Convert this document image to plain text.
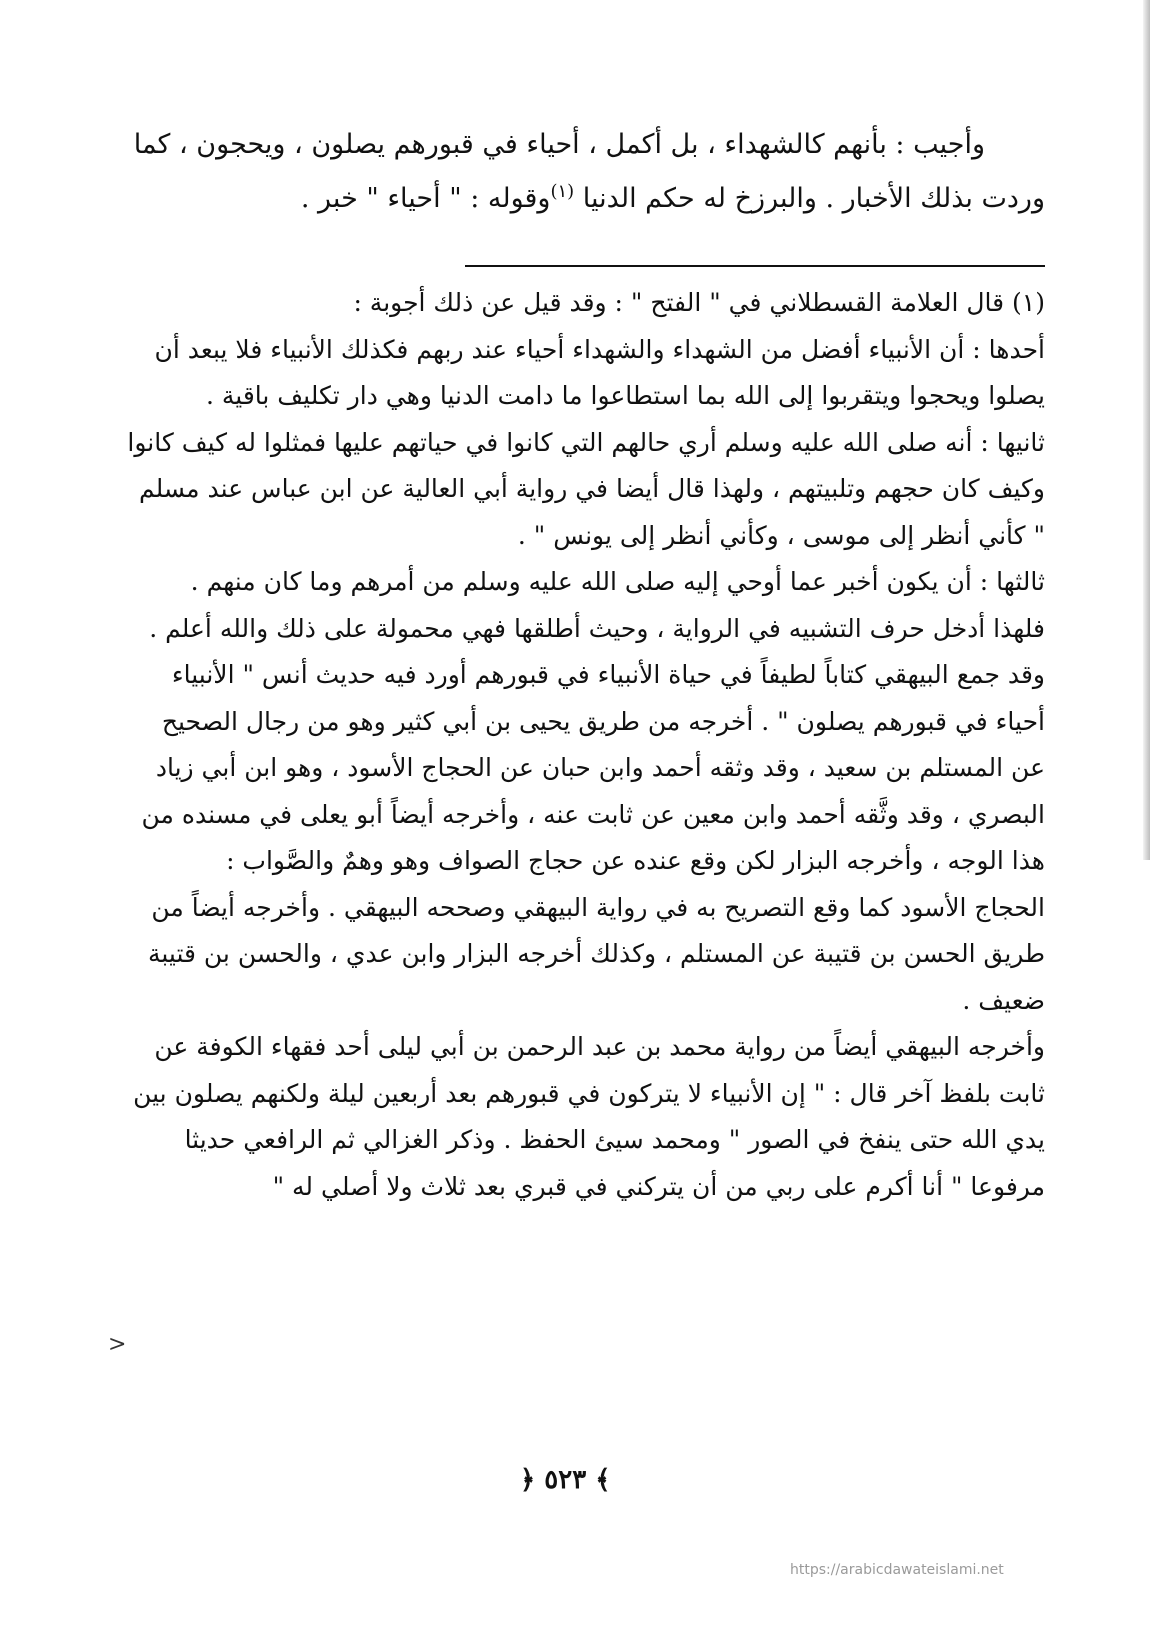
وأجيب : بأنهم كالشهداء ، بل أكمل ، أحياء في قبورهم يصلون ، ويحجون ، كما

وردت بذلك الأخبار . والبرزخ له حكم الدنيا $^{(١)}$وقوله : " أحياء " خبر .

(١) قال العلامة القسطلاني في " الفتح " : وقد قيل عن ذلك أجوبة :

أحدها : أن الأنبياء أفضل من الشهداء والشهداء أحياء عند ربهم فكذلك الأنبياء فلا يبعد أن

يصلوا ويحجوا ويتقربوا إلى الله بما استطاعوا ما دامت الدنيا وهي دار تكليف باقية .

ثانيها : أنه صلى الله عليه وسلم أري حالهم التي كانوا في حياتهم عليها فمثلوا له كيف كانوا

وكيف كان حجهم وتلبيتهم ، ولهذا قال أيضا في رواية أبي العالية عن ابن عباس عند مسلم

" كأني أنظر إلى موسى ، وكأني أنظر إلى يونس " .

ثالثها : أن يكون أخبر عما أوحي إليه صلى الله عليه وسلم من أمرهم وما كان منهم .

فلهذا أدخل حرف التشبيه في الرواية ، وحيث أطلقها فهي محمولة على ذلك والله أعلم .

وقد جمع البيهقي كتاباً لطيفاً في حياة الأنبياء في قبورهم أورد فيه حديث أنس " الأنبياء

أحياء في قبورهم يصلون " . أخرجه من طريق يحيى بن أبي كثير وهو من رجال الصحيح

عن المستلم بن سعيد ، وقد وثقه أحمد وابن حبان عن الحجاج الأسود ، وهو ابن أبي زياد

البصري ، وقد وثَّقه أحمد وابن معين عن ثابت عنه ، وأخرجه أيضاً أبو يعلى في مسنده من

هذا الوجه ، وأخرجه البزار لكن وقع عنده عن حجاج الصواف وهو وهمٌ والصَّواب :

الحجاج الأسود كما وقع التصريح به في رواية البيهقي وصححه البيهقي . وأخرجه أيضاً من

طريق الحسن بن قتيبة عن المستلم ، وكذلك أخرجه البزار وابن عدي ، والحسن بن قتيبة

ضعيف .

وأخرجه البيهقي أيضاً من رواية محمد بن عبد الرحمن بن أبي ليلى أحد فقهاء الكوفة عن

ثابت بلفظ آخر قال : " إن الأنبياء لا يتركون في قبورهم بعد أربعين ليلة ولكنهم يصلون بين

يدي الله حتى ينفخ في الصور " ومحمد سيئ الحفظ . وذكر الغزالي ثم الرافعي حديثا

مرفوعا " أنا أكرم على ربي من أن يتركني في قبري بعد ثلاث ولا أصلي له "

>
﴿ ٥٢٣ ﴾
https://arabicdawateislami.net
